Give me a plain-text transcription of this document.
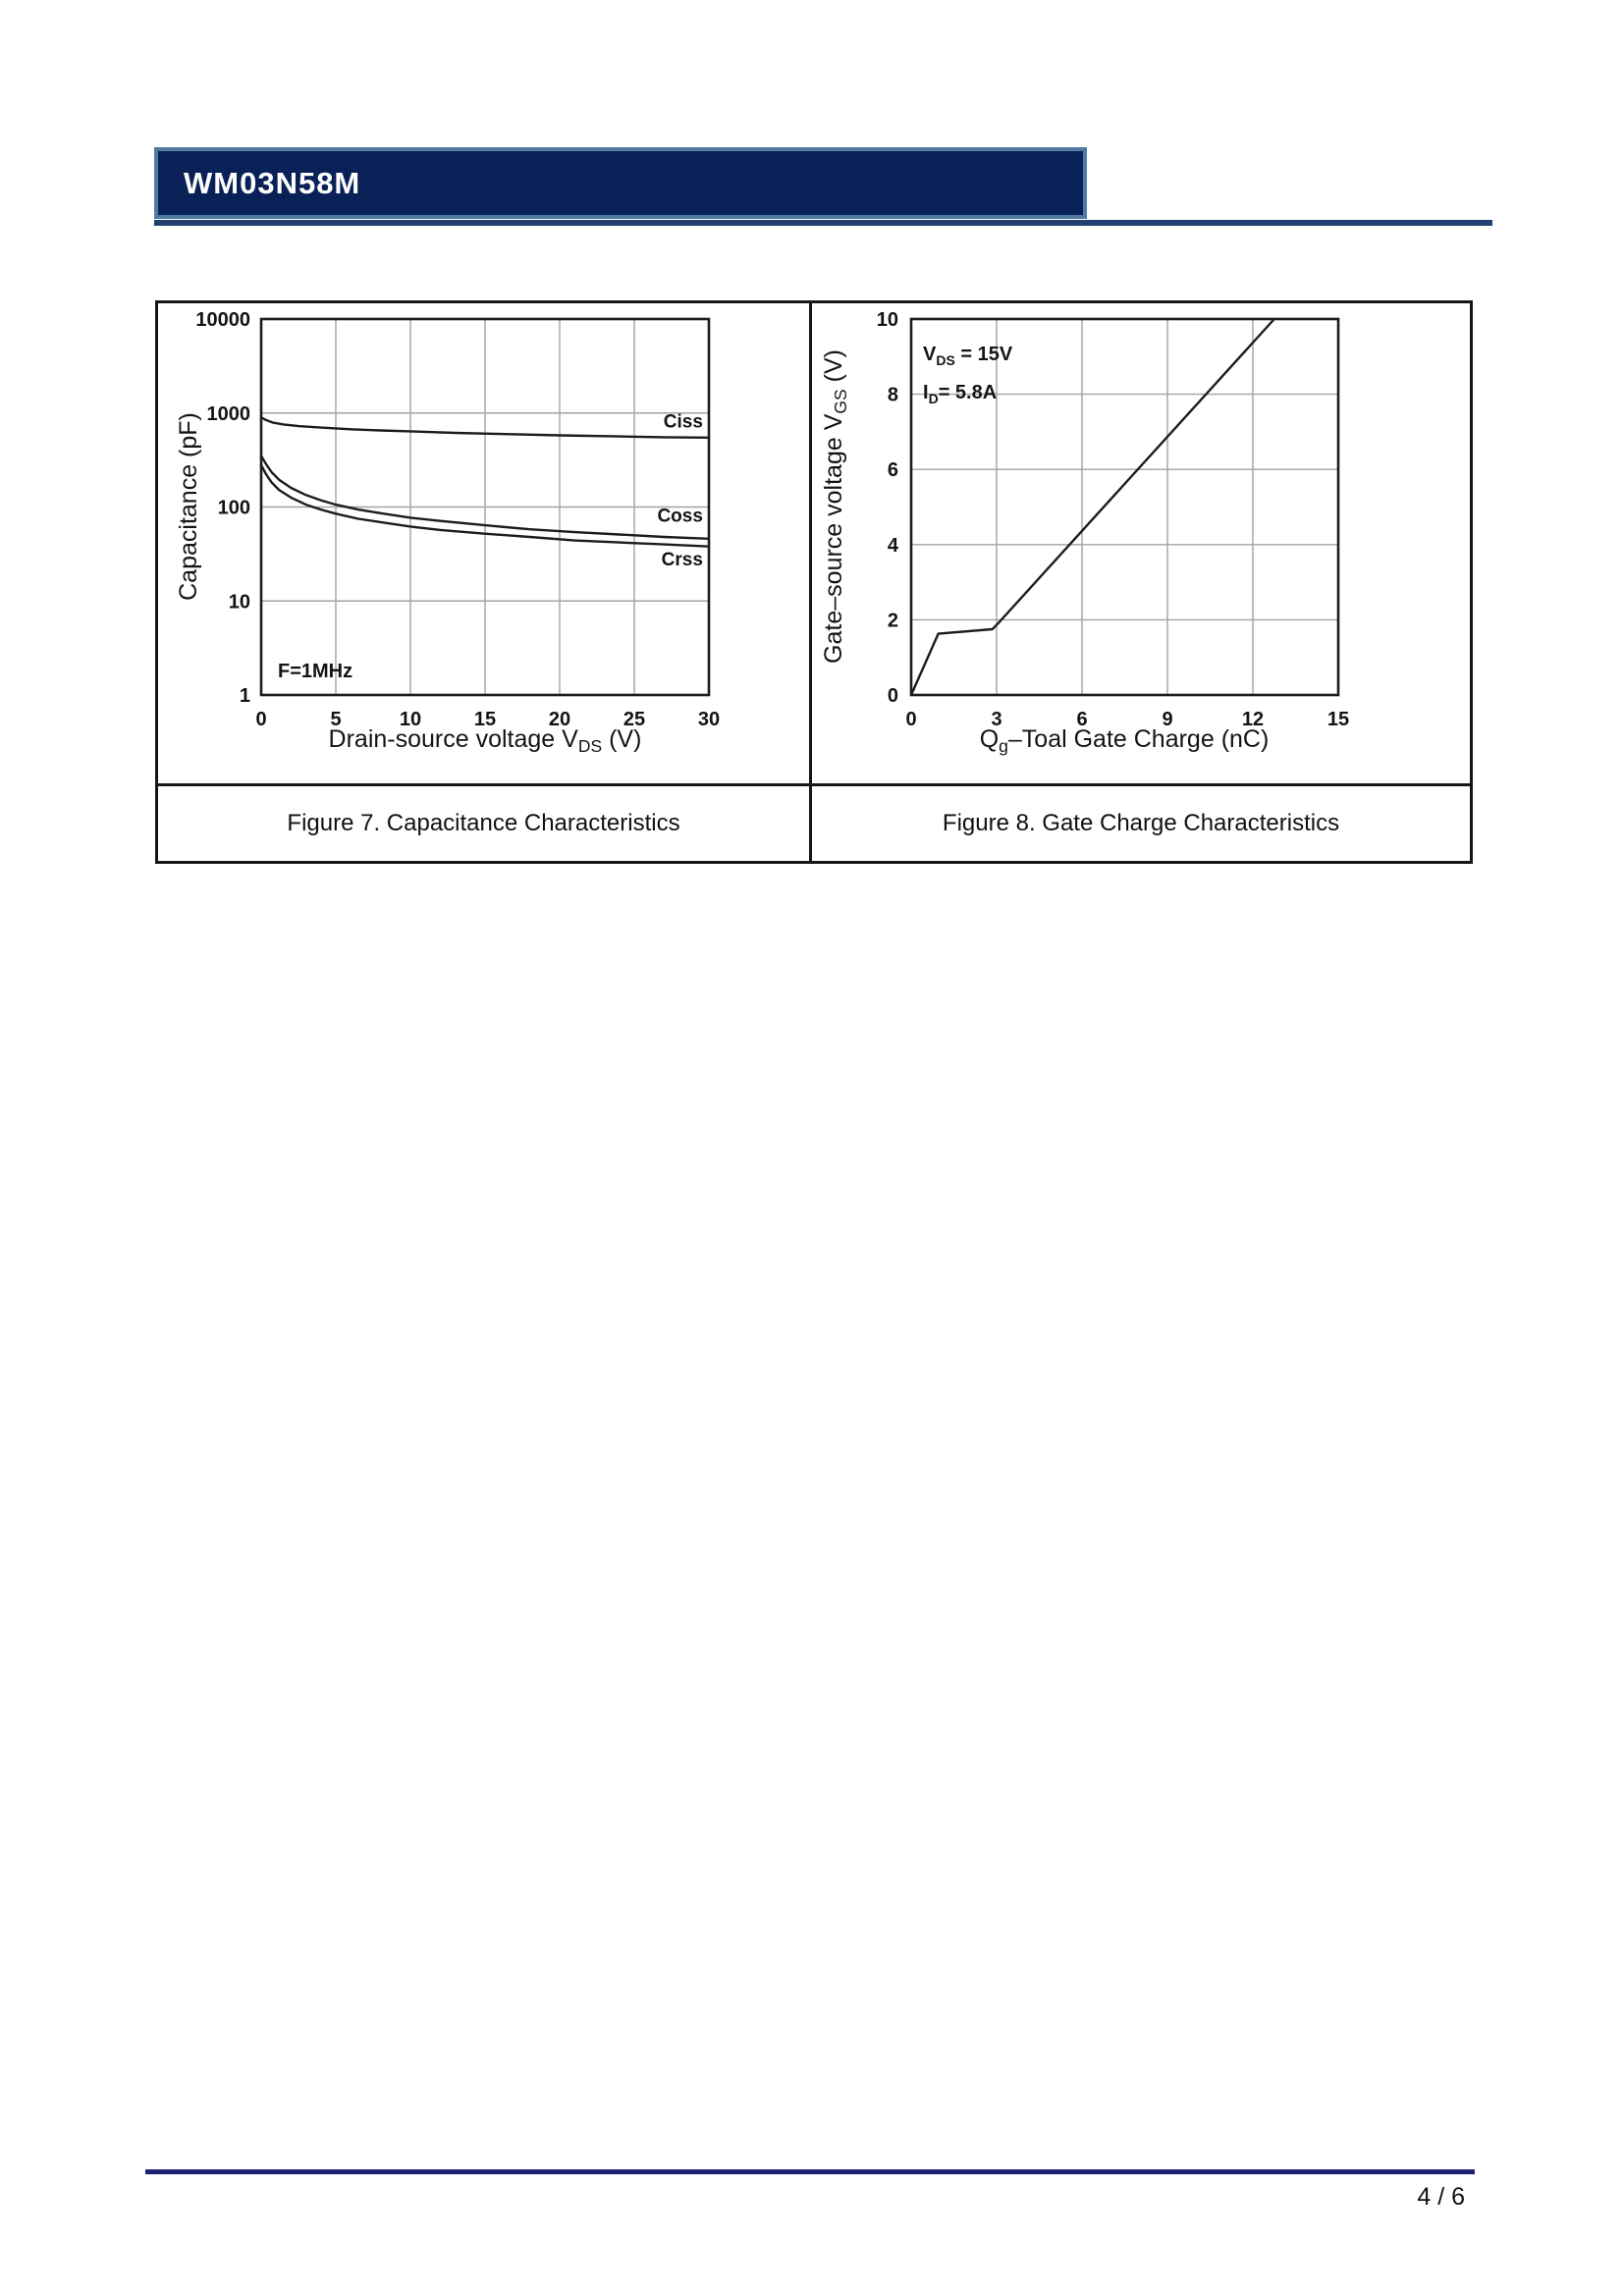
WM03N58M
Ciss
Coss
Crss
0	5	10	15	20	25	30
1
10
100
1000
10000
Drain-source voltage $V_{DS}$ (V)
Capacitance (pF)
F=1MHz
0	3	6	9	12	15
0
2
4
6
8
10
$Q_g$–Toal Gate Charge (nC)
Gate–source voltage $V_{GS}$ (V)	$V_{DS} = 15V$
$I_D= 5.8A$
Figure 7. Capacitance Characteristics	Figure 8. Gate Charge Characteristics
4 / 6
